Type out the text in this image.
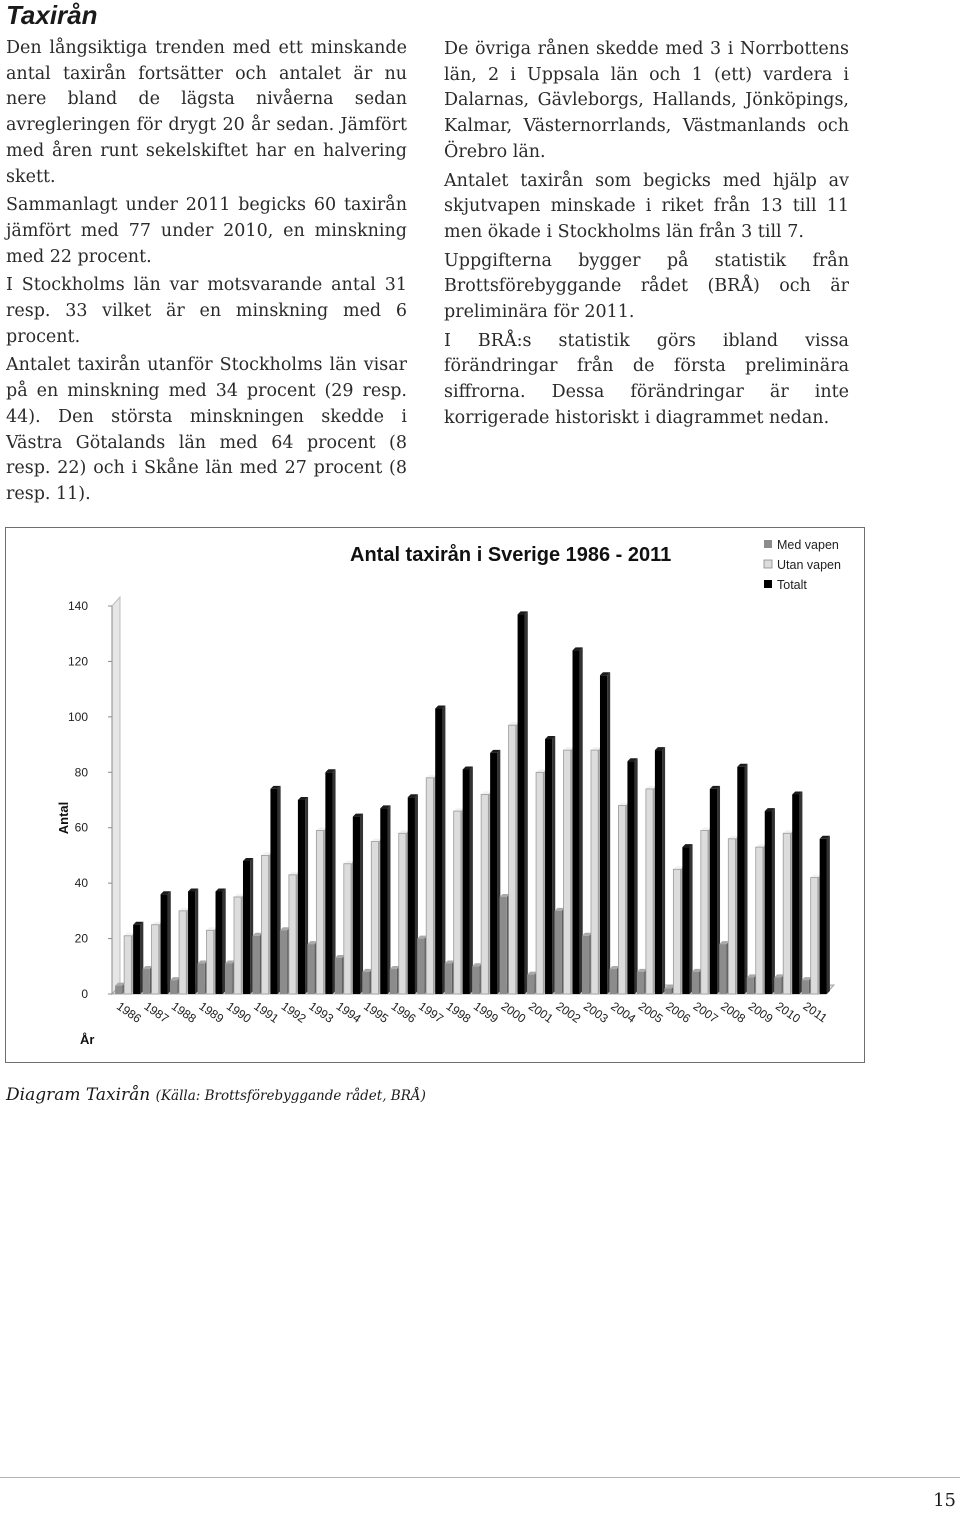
Taxirån

Den långsiktiga trenden med ett minskande antal taxirån fortsätter och antalet är nu nere bland de lägsta nivåerna sedan avregleringen för drygt 20 år sedan. Jämfört med åren runt sekelskiftet har en halvering skett.

Sammanlagt under 2011 begicks 60 taxirån jämfört med 77 under 2010, en minskning med 22 procent.

I Stockholms län var motsvarande antal 31 resp. 33 vilket är en minskning med 6 procent.

Antalet taxirån utanför Stockholms län visar på en minskning med 34 procent (29 resp. 44). Den största minskningen skedde i Västra Götalands län med 64 procent (8 resp. 22) och i Skåne län med 27 procent (8 resp. 11).

De övriga rånen skedde med 3 i Norrbottens län, 2 i Uppsala län och 1 (ett) vardera i Dalarnas, Gävleborgs, Hallands, Jönköpings, Kalmar, Västernorrlands, Västmanlands och Örebro län.

Antalet taxirån som begicks med hjälp av skjutvapen minskade i riket från 13 till 11 men ökade i Stockholms län från 3 till 7.

Uppgifterna bygger på statistik från Brottsförebyggande rådet (BRÅ) och är preliminära för 2011.

I BRÅ:s statistik görs ibland vissa förändringar från de första preliminära siffrorna. Dessa förändringar är inte korrigerade historiskt i diagrammet nedan.

0
20
40
60
80
100
120
140
Antal
1986
1987
1988
1989
1990
1991
1992
1993
1994
1995
1996
1997
1998
1999
2000
2001
2002
2003
2004
2005
2006
2007
2008
2009
2010
2011
År
Antal taxirån i Sverige 1986 - 2011	Med vapen
Utan vapen
Totalt
Diagram Taxirån (Källa: Brottsförebyggande rådet, BRÅ)
15
